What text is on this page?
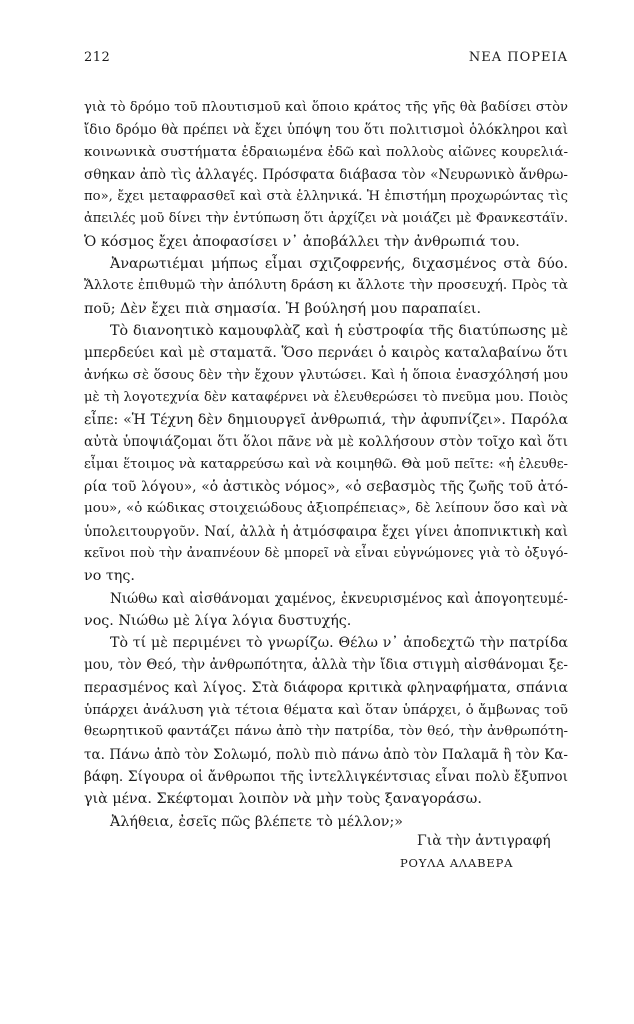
212	ΝΕΑ ΠΟΡΕΙΑ
γιὰ τὸ δρόμο τοῦ πλουτισμοῦ καὶ ὅποιο κράτος τῆς γῆς θὰ βαδίσει στὸν
ἴδιο δρόμο θὰ πρέπει νὰ ἔχει ὑπόψη του ὅτι πολιτισμοὶ ὁλόκληροι καὶ
κοινωνικὰ συστήματα ἑδραιωμένα ἐδῶ καὶ πολλοὺς αἰῶνες κουρελιά-
σθηκαν ἀπὸ τὶς ἀλλαγές. Πρόσφατα διάβασα τὸν «Νευρωνικὸ ἄνθρω-
πο», ἔχει μεταφρασθεῖ καὶ στὰ ἑλληνικά. Ἡ ἐπιστήμη προχωρώντας τὶς
ἀπειλές μοῦ δίνει τὴν ἐντύπωση ὅτι ἀρχίζει νὰ μοιάζει μὲ Φρανκεστάϊν.
Ὁ κόσμος ἔχει ἀποφασίσει ν᾽ ἀποβάλλει τὴν ἀνθρωπιά του.
Ἀναρωτιέμαι μήπως εἶμαι σχιζοφρενής, διχασμένος στὰ δύο.
Ἄλλοτε ἐπιθυμῶ τὴν ἀπόλυτη δράση κι ἄλλοτε τὴν προσευχή. Πρὸς τὰ
ποῦ; Δὲν ἔχει πιὰ σημασία. Ἡ βούλησή μου παραπαίει.
Τὸ διανοητικὸ καμουφλὰζ καὶ ἡ εὐστροφία τῆς διατύπωσης μὲ
μπερδεύει καὶ μὲ σταματᾶ. Ὅσο περνάει ὁ καιρὸς καταλαβαίνω ὅτι
ἀνήκω σὲ ὅσους δὲν τὴν ἔχουν γλυτώσει. Καὶ ἡ ὅποια ἐνασχόλησή μου
μὲ τὴ λογοτεχνία δὲν καταφέρνει νὰ ἐλευθερώσει τὸ πνεῦμα μου. Ποιὸς
εἶπε: «Ἡ Τέχνη δὲν δημιουργεῖ ἀνθρωπιά, τὴν ἀφυπνίζει». Παρόλα
αὐτὰ ὑποψιάζομαι ὅτι ὅλοι πᾶνε νὰ μὲ κολλήσουν στὸν τοῖχο καὶ ὅτι
εἶμαι ἕτοιμος νὰ καταρρεύσω καὶ νὰ κοιμηθῶ. Θὰ μοῦ πεῖτε: «ἡ ἐλευθε-
ρία τοῦ λόγου», «ὁ ἀστικὸς νόμος», «ὁ σεβασμὸς τῆς ζωῆς τοῦ ἀτό-
μου», «ὁ κώδικας στοιχειώδους ἀξιοπρέπειας», δὲ λείπουν ὅσο καὶ νὰ
ὑπολειτουργοῦν. Ναί, ἀλλὰ ἡ ἀτμόσφαιρα ἔχει γίνει ἀποπνικτικὴ καὶ
κεῖνοι ποὺ τὴν ἀναπνέουν δὲ μπορεῖ νὰ εἶναι εὐγνώμονες γιὰ τὸ ὀξυγό-
νο της.
Νιώθω καὶ αἰσθάνομαι χαμένος, ἐκνευρισμένος καὶ ἀπογοητευμέ-
νος. Νιώθω μὲ λίγα λόγια δυστυχής.
Τὸ τί μὲ περιμένει τὸ γνωρίζω. Θέλω ν᾽ ἀποδεχτῶ τὴν πατρίδα
μου, τὸν Θεό, τὴν ἀνθρωπότητα, ἀλλὰ τὴν ἴδια στιγμὴ αἰσθάνομαι ξε-
περασμένος καὶ λίγος. Στὰ διάφορα κριτικὰ φληναφήματα, σπάνια
ὑπάρχει ἀνάλυση γιὰ τέτοια θέματα καὶ ὅταν ὑπάρχει, ὁ ἄμβωνας τοῦ
θεωρητικοῦ φαντάζει πάνω ἀπὸ τὴν πατρίδα, τὸν θεό, τὴν ἀνθρωπότη-
τα. Πάνω ἀπὸ τὸν Σολωμό, πολὺ πιὸ πάνω ἀπὸ τὸν Παλαμᾶ ἢ τὸν Κα-
βάφη. Σίγουρα οἱ ἄνθρωποι τῆς ἰντελλιγκέντσιας εἶναι πολὺ ἔξυπνοι
γιὰ μένα. Σκέφτομαι λοιπὸν νὰ μὴν τοὺς ξαναγοράσω.
Ἀλήθεια, ἐσεῖς πῶς βλέπετε τὸ μέλλον;»
Γιὰ τὴν ἀντιγραφή
ΡΟΥΛΑ ΑΛΑΒΕΡΑ
